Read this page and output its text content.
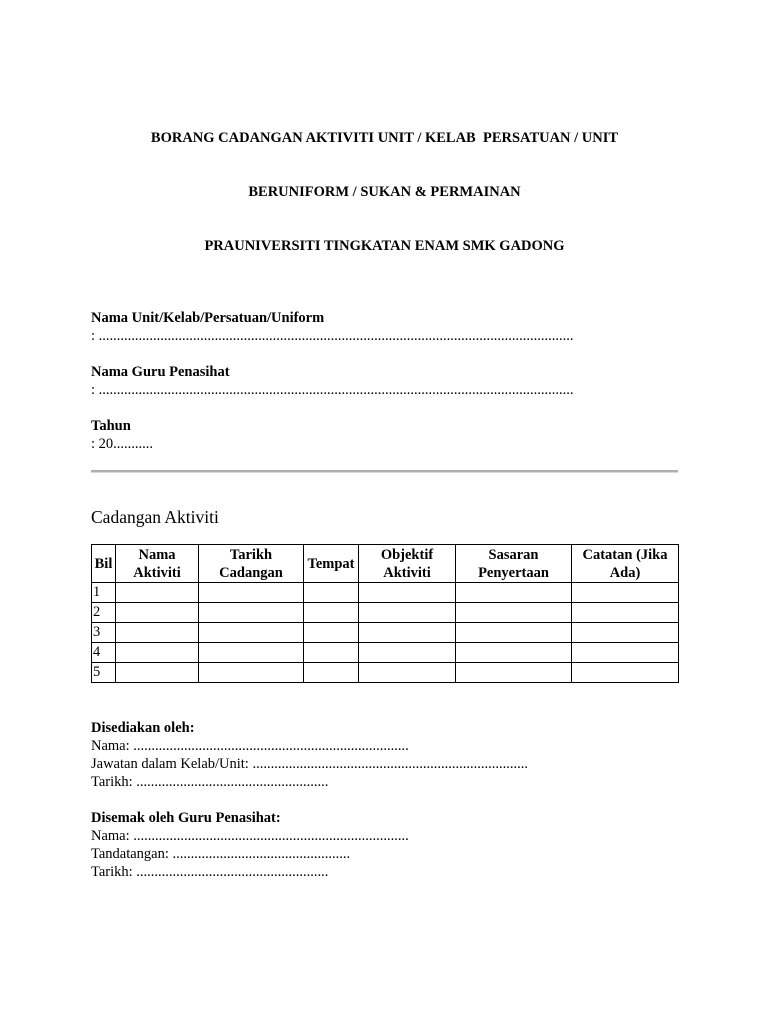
BORANG CADANGAN AKTIVITI UNIT / KELAB  PERSATUAN / UNIT

BERUNIFORM / SUKAN & PERMAINAN

PRAUNIVERSITI TINGKATAN ENAM SMK GADONG

Nama Unit/Kelab/Persatuan/Uniform
: ...................................................................................................................................
Nama Guru Penasihat
: ...................................................................................................................................
Tahun
: 20...........
Cadangan Aktiviti
Bil	Nama Aktiviti	Tarikh Cadangan	Tempat	Objektif Aktiviti	Sasaran Penyertaan	Catatan (Jika Ada)
1						
2						
3						
4						
5						
Disediakan oleh:
Nama: ............................................................................
Jawatan dalam Kelab/Unit: ............................................................................
Tarikh: .....................................................
Disemak oleh Guru Penasihat:
Nama: ............................................................................
Tandatangan: .................................................
Tarikh: .....................................................
